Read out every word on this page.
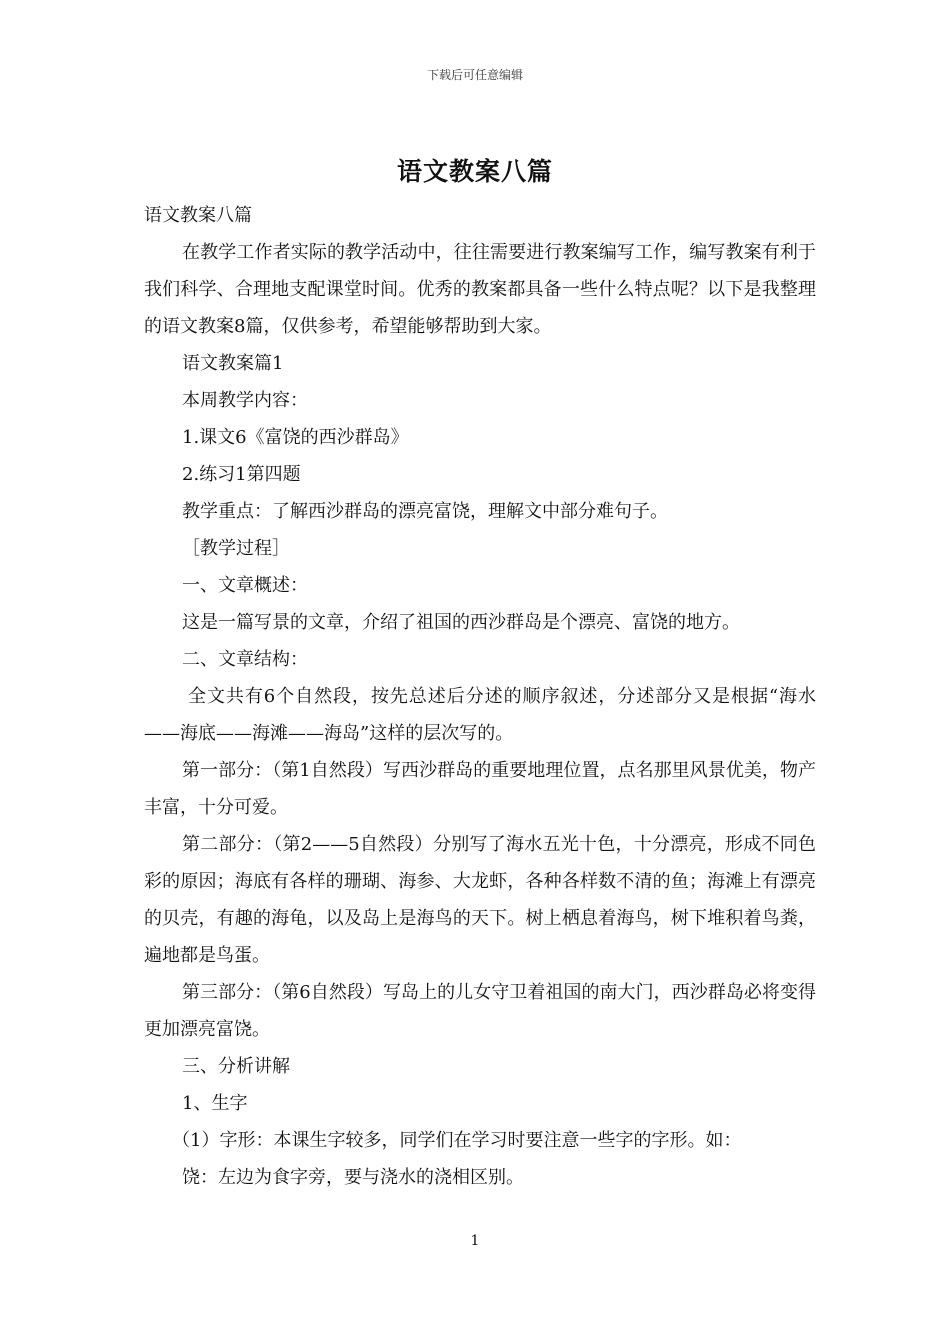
下载后可任意编辑
语文教案八篇

语文教案八篇

在教学工作者实际的教学活动中，往往需要进行教案编写工作，编写教案有利于我们科学、合理地支配课堂时间。优秀的教案都具备一些什么特点呢？以下是我整理的语文教案8篇，仅供参考，希望能够帮助到大家。

语文教案篇1

本周教学内容：

1.课文6《富饶的西沙群岛》

2.练习1第四题

教学重点：了解西沙群岛的漂亮富饶，理解文中部分难句子。

［教学过程］

一、文章概述：

这是一篇写景的文章，介绍了祖国的西沙群岛是个漂亮、富饶的地方。

二、文章结构：

全文共有6个自然段，按先总述后分述的顺序叙述，分述部分又是根据“海水——海底——海滩——海岛”这样的层次写的。

第一部分：（第1自然段）写西沙群岛的重要地理位置，点名那里风景优美，物产丰富，十分可爱。

第二部分：（第2——5自然段）分别写了海水五光十色，十分漂亮，形成不同色彩的原因；海底有各样的珊瑚、海参、大龙虾，各种各样数不清的鱼；海滩上有漂亮的贝壳，有趣的海龟，以及岛上是海鸟的天下。树上栖息着海鸟，树下堆积着鸟粪，遍地都是鸟蛋。

第三部分：（第6自然段）写岛上的儿女守卫着祖国的南大门，西沙群岛必将变得更加漂亮富饶。

三、分析讲解

1、生字

（1）字形：本课生字较多，同学们在学习时要注意一些字的字形。如：

饶：左边为食字旁，要与浇水的浇相区别。

1
